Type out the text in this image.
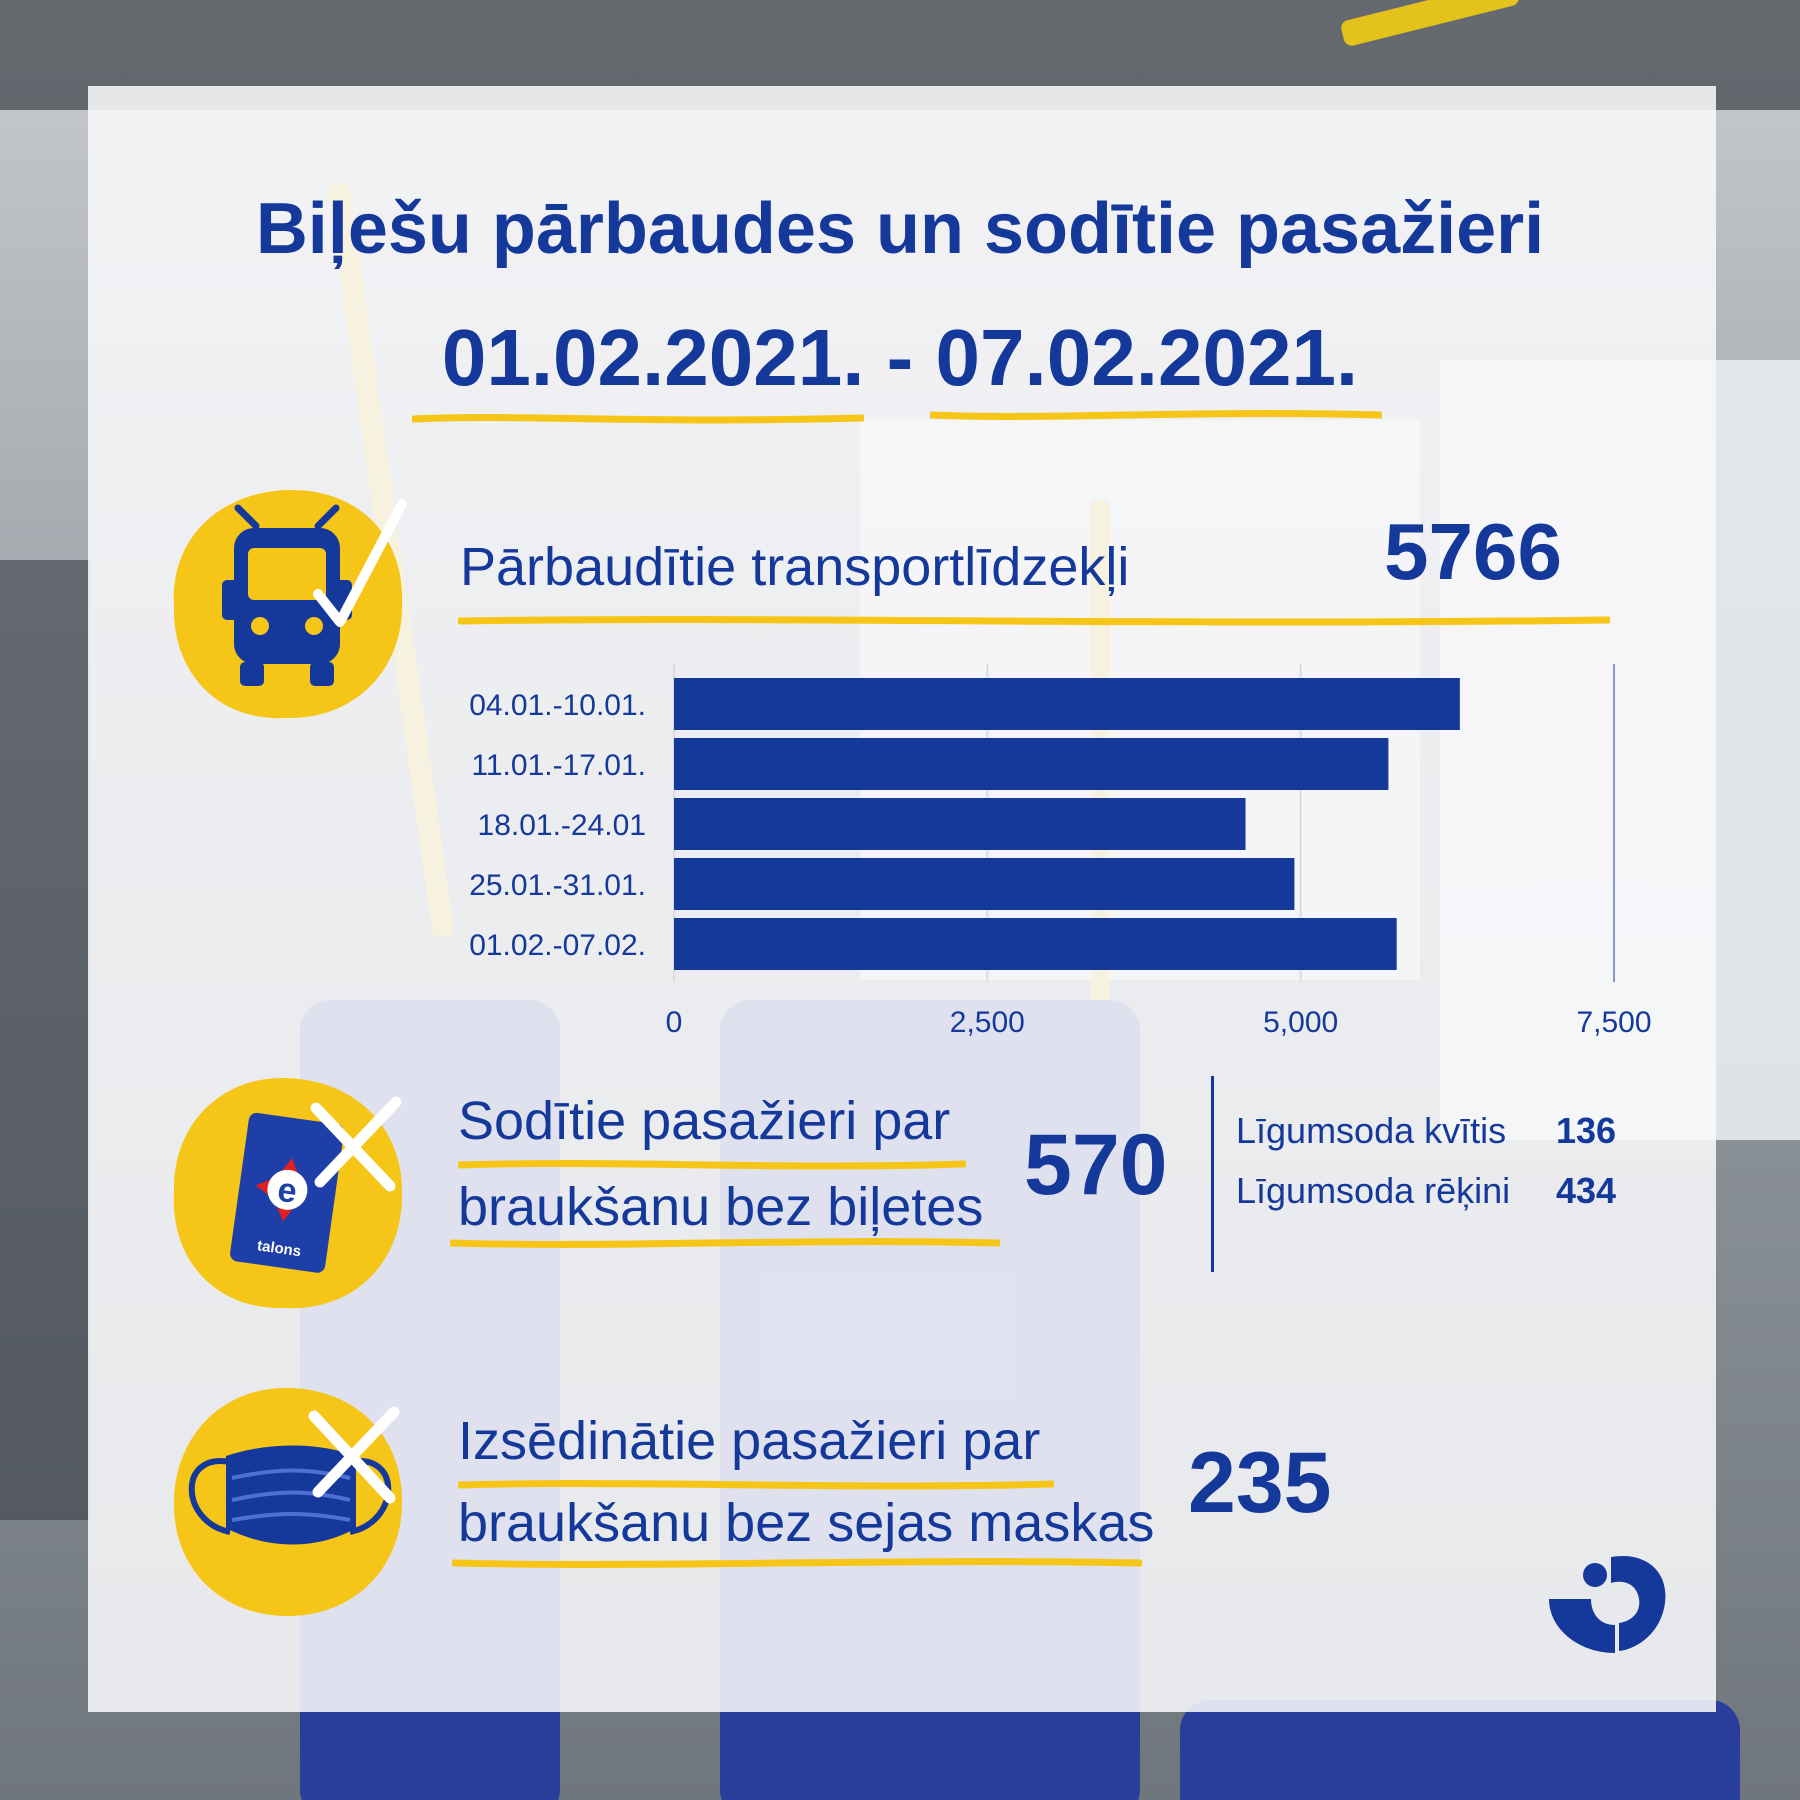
Biļešu pārbaudes un sodītie pasažieri
01.02.2021. - 07.02.2021.

Pārbaudītie transportlīdzekļi	5766

04.01.-10.01.
11.01.-17.01.
18.01.-24.01
25.01.-31.01.
01.02.-07.02.
0	2,500	5,000	7,500
e
talons

Sodītie pasažieri par

braukšanu bez biļetes 570 Līgumsoda kvītis 136
Līgumsoda rēķini 434

Izsēdinātie pasažieri par

braukšanu bez sejas maskas 235
